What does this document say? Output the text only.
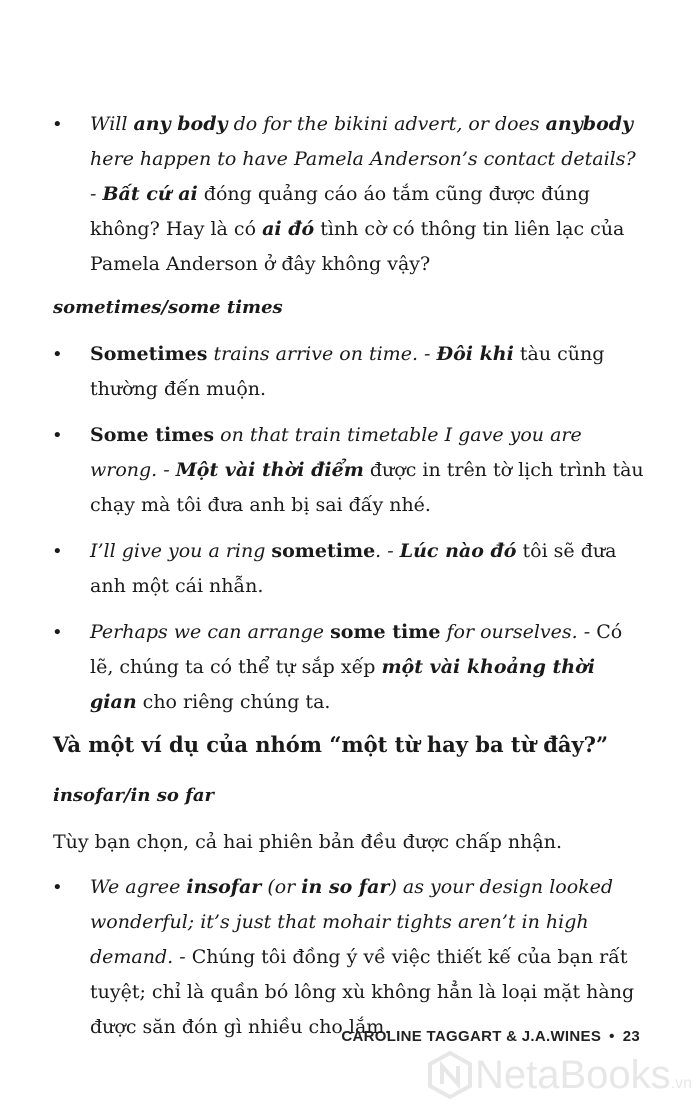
•	Will any body do for the bikini advert, or does anybody here happen to have Pamela Anderson’s contact details? - Bất cứ ai đóng quảng cáo áo tắm cũng được đúng không? Hay là có ai đó tình cờ có thông tin liên lạc của Pamela Anderson ở đây không vậy?
sometimes/some times
•	Sometimes trains arrive on time. - Đôi khi tàu cũng thường đến muộn.
•	Some times on that train timetable I gave you are wrong. - Một vài thời điểm được in trên tờ lịch trình tàu chạy mà tôi đưa anh bị sai đấy nhé.
•	I’ll give you a ring sometime. - Lúc nào đó tôi sẽ đưa anh một cái nhẫn.
•	Perhaps we can arrange some time for ourselves. - Có lẽ, chúng ta có thể tự sắp xếp một vài khoảng thời gian cho riêng chúng ta.
Và một ví dụ của nhóm “một từ hay ba từ đây?”
insofar/in so far
Tùy bạn chọn, cả hai phiên bản đều được chấp nhận.
•	We agree insofar (or in so far) as your design looked wonderful; it’s just that mohair tights aren’t in high demand. - Chúng tôi đồng ý về việc thiết kế của bạn rất tuyệt; chỉ là quần bó lông xù không hẳn là loại mặt hàng được săn đón gì nhiều cho lắm.
CAROLINE TAGGART & J.A.WINES • 23
NetaBooks.vn
